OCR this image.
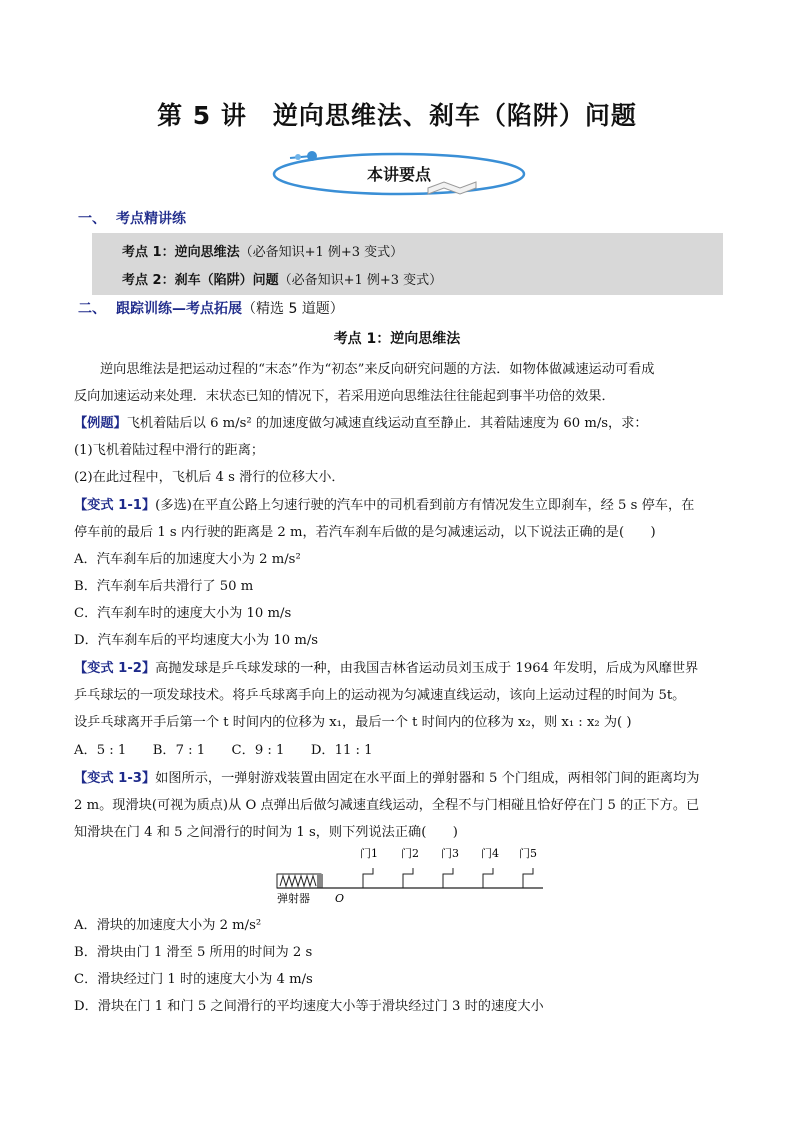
第 5 讲　逆向思维法、刹车（陷阱）问题
本讲要点
一、 考点精讲练
考点 1：逆向思维法（必备知识+1 例+3 变式）
考点 2：刹车（陷阱）问题（必备知识+1 例+3 变式）
二、 跟踪训练—考点拓展（精选 5 道题）
考点 1：逆向思维法
逆向思维法是把运动过程的“末态”作为“初态”来反向研究问题的方法．如物体做减速运动可看成
反向加速运动来处理．末状态已知的情况下，若采用逆向思维法往往能起到事半功倍的效果．
【例题】飞机着陆后以 6 m/s² 的加速度做匀减速直线运动直至静止．其着陆速度为 60 m/s，求：
(1)飞机着陆过程中滑行的距离；
(2)在此过程中，飞机后 4 s 滑行的位移大小．
【变式 1-1】(多选)在平直公路上匀速行驶的汽车中的司机看到前方有情况发生立即刹车，经 5 s 停车，在
停车前的最后 1 s 内行驶的距离是 2 m，若汽车刹车后做的是匀减速运动，以下说法正确的是(　　)
A．汽车刹车后的加速度大小为 2 m/s²
B．汽车刹车后共滑行了 50 m
C．汽车刹车时的速度大小为 10 m/s
D．汽车刹车后的平均速度大小为 10 m/s
【变式 1-2】高抛发球是乒乓球发球的一种，由我国吉林省运动员刘玉成于 1964 年发明，后成为风靡世界
乒乓球坛的一项发球技术。将乒乓球离手向上的运动视为匀减速直线运动，该向上运动过程的时间为 5t。
设乒乓球离开手后第一个 t 时间内的位移为 x₁，最后一个 t 时间内的位移为 x₂，则 x₁ : x₂ 为( )
A．5 : 1　　B．7 : 1　　C．9 : 1　　D．11 : 1
【变式 1-3】如图所示，一弹射游戏装置由固定在水平面上的弹射器和 5 个门组成，两相邻门间的距离均为
2 m。现滑块(可视为质点)从 O 点弹出后做匀减速直线运动，全程不与门相碰且恰好停在门 5 的正下方。已
知滑块在门 4 和 5 之间滑行的时间为 1 s，则下列说法正确(　　)
弹射器 O
门1 门2 门3 门4 门5
A．滑块的加速度大小为 2 m/s²
B．滑块由门 1 滑至 5 所用的时间为 2 s
C．滑块经过门 1 时的速度大小为 4 m/s
D．滑块在门 1 和门 5 之间滑行的平均速度大小等于滑块经过门 3 时的速度大小
